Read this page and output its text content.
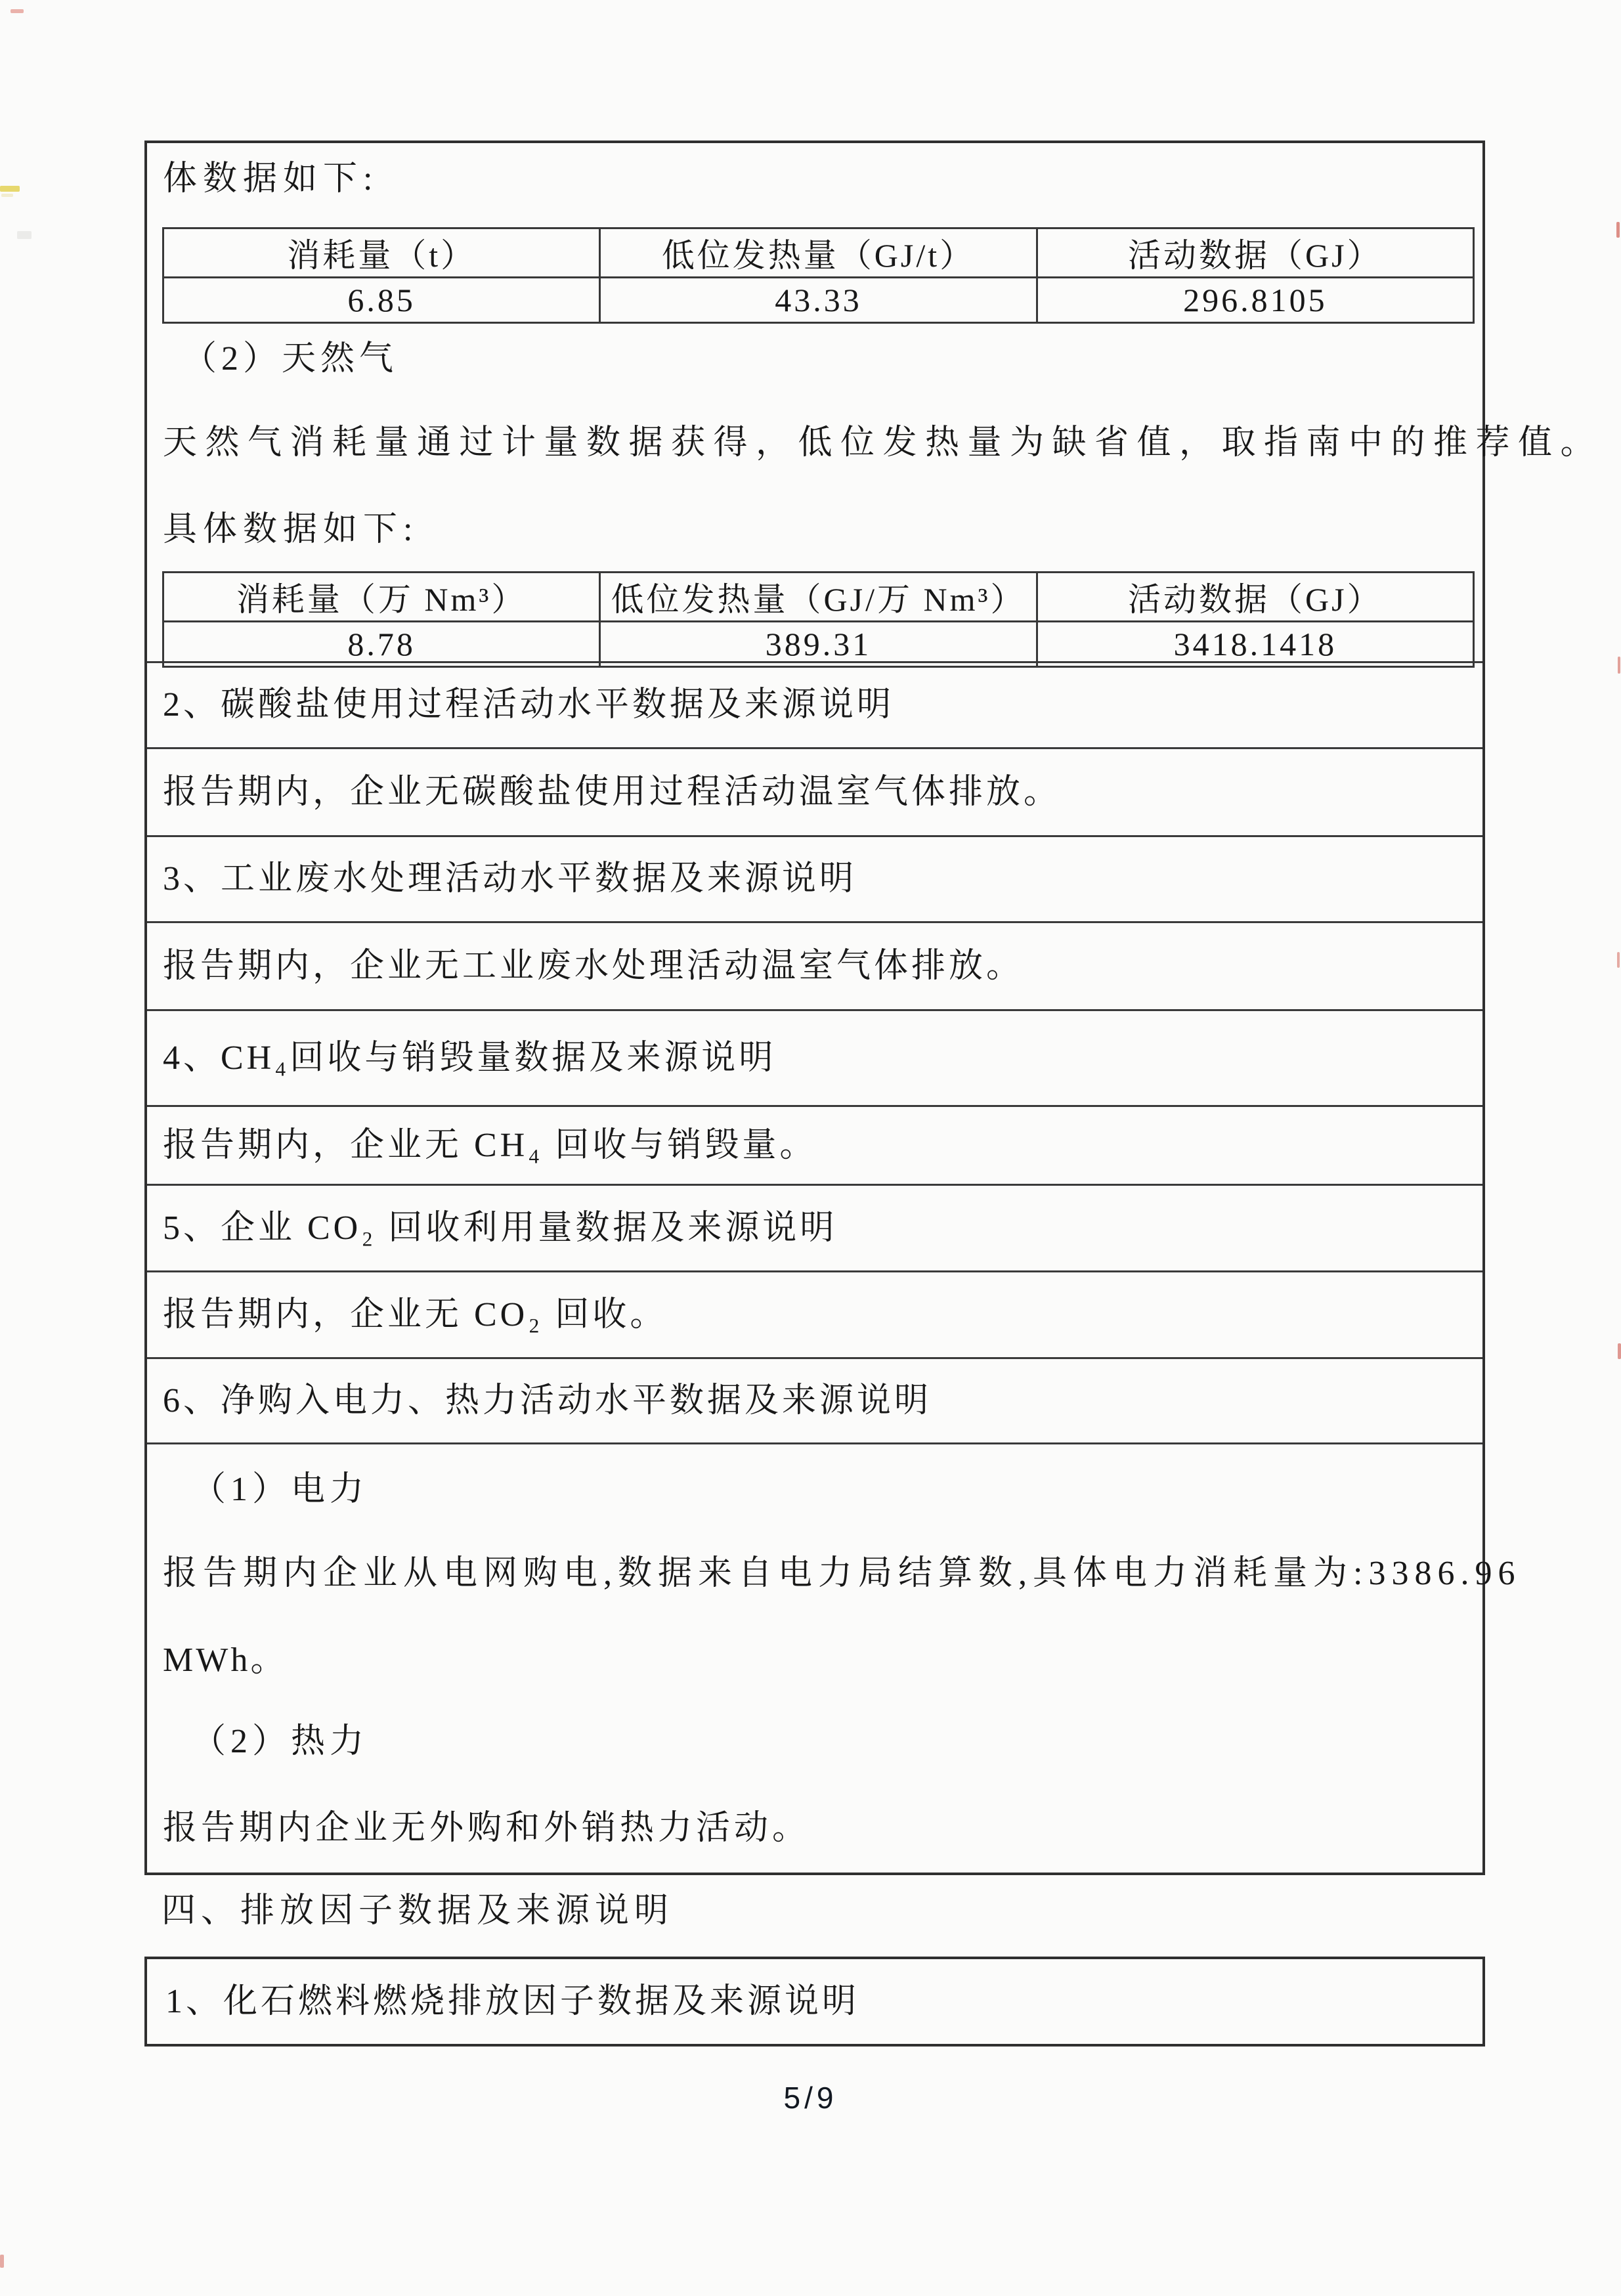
体数据如下:
消耗量（t）	低位发热量（GJ/t）	活动数据（GJ）
6.85	43.33	296.8105
（2）天然气
天然气消耗量通过计量数据获得，低位发热量为缺省值，取指南中的推荐值。
具体数据如下:
消耗量（万 Nm³）	低位发热量（GJ/万 Nm³）	活动数据（GJ）
8.78	389.31	3418.1418
2、碳酸盐使用过程活动水平数据及来源说明
报告期内，企业无碳酸盐使用过程活动温室气体排放。
3、工业废水处理活动水平数据及来源说明
报告期内，企业无工业废水处理活动温室气体排放。
4、CH₄回收与销毁量数据及来源说明
报告期内，企业无 CH₄ 回收与销毁量。
5、企业 CO₂ 回收利用量数据及来源说明
报告期内，企业无 CO₂ 回收。
6、净购入电力、热力活动水平数据及来源说明
（1）电力
报告期内企业从电网购电,数据来自电力局结算数,具体电力消耗量为:3386.96
MWh。
（2）热力
报告期内企业无外购和外销热力活动。
四、排放因子数据及来源说明
1、化石燃料燃烧排放因子数据及来源说明
5/9
